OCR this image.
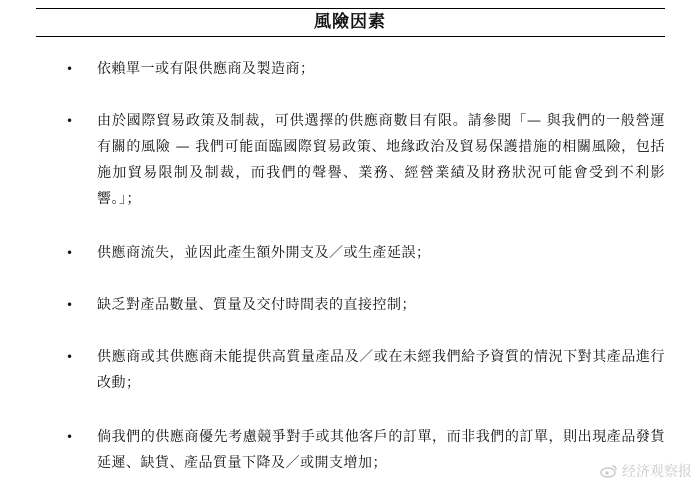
風險因素
• 依賴單一或有限供應商及製造商；
• 由於國際貿易政策及制裁，可供選擇的供應商數目有限。請參閱「— 與我們的一般營運有關的風險 — 我們可能面臨國際貿易政策、地緣政治及貿易保護措施的相關風險，包括施加貿易限制及制裁，而我們的聲譽、業務、經營業績及財務狀況可能會受到不利影響。」；
• 供應商流失，並因此產生額外開支及／或生產延誤；
• 缺乏對產品數量、質量及交付時間表的直接控制；
• 供應商或其供應商未能提供高質量產品及／或在未經我們給予資質的情況下對其產品進行改動；
• 倘我們的供應商優先考慮競爭對手或其他客戶的訂單，而非我們的訂單，則出現產品發貨延遲、缺貨、產品質量下降及／或開支增加；
经济观察报
